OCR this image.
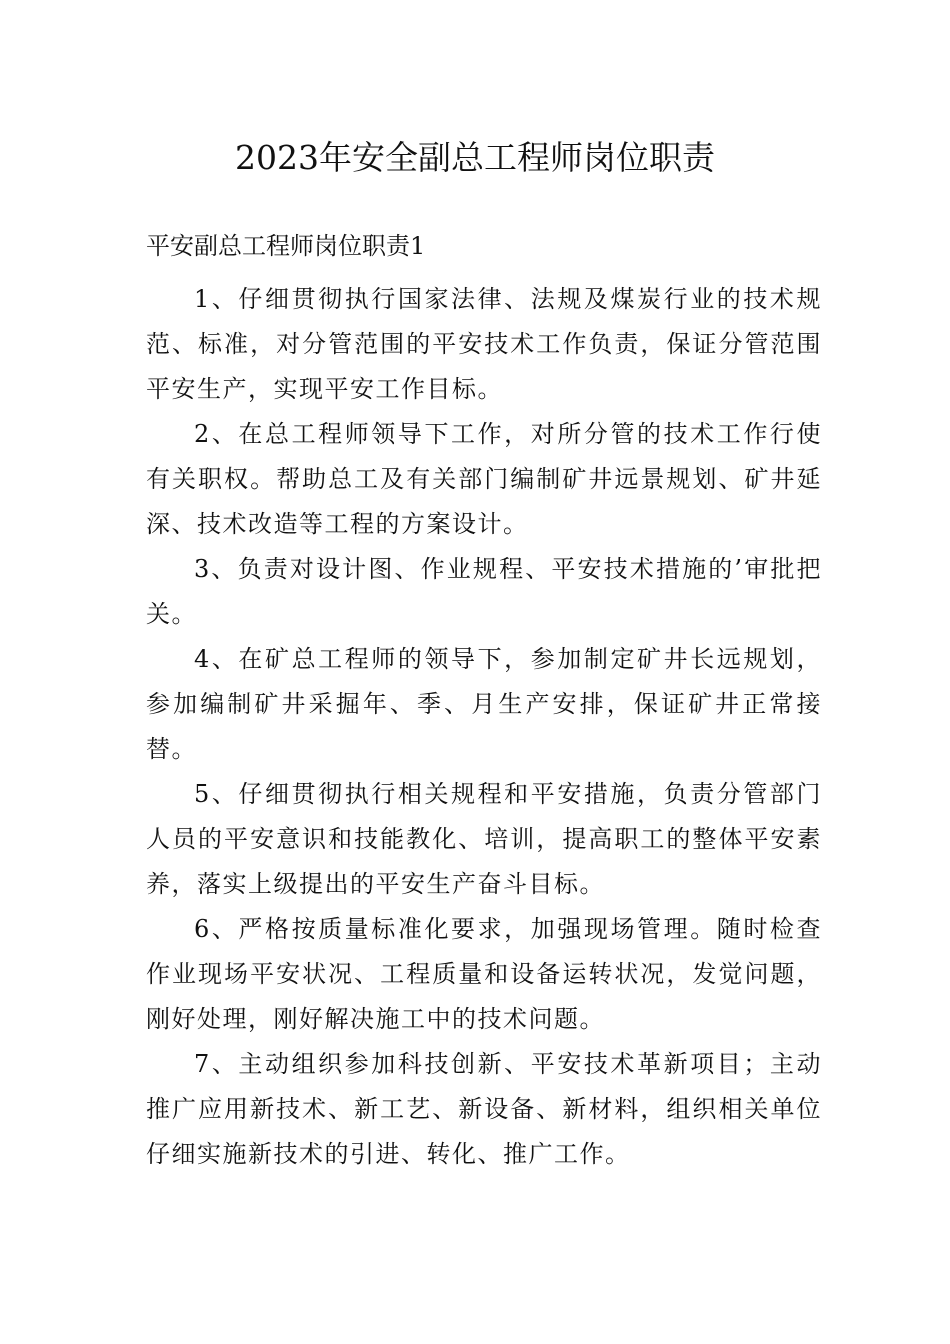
2023年安全副总工程师岗位职责
平安副总工程师岗位职责1

1、仔细贯彻执行国家法律、法规及煤炭行业的技术规范、标准，对分管范围的平安技术工作负责，保证分管范围平安生产，实现平安工作目标。

2、在总工程师领导下工作，对所分管的技术工作行使有关职权。帮助总工及有关部门编制矿井远景规划、矿井延深、技术改造等工程的方案设计。

3、负责对设计图、作业规程、平安技术措施的’审批把关。

4、在矿总工程师的领导下，参加制定矿井长远规划，参加编制矿井采掘年、季、月生产安排，保证矿井正常接替。

5、仔细贯彻执行相关规程和平安措施，负责分管部门人员的平安意识和技能教化、培训，提高职工的整体平安素养，落实上级提出的平安生产奋斗目标。

6、严格按质量标准化要求，加强现场管理。随时检查作业现场平安状况、工程质量和设备运转状况，发觉问题，刚好处理，刚好解决施工中的技术问题。

7、主动组织参加科技创新、平安技术革新项目；主动推广应用新技术、新工艺、新设备、新材料，组织相关单位仔细实施新技术的引进、转化、推广工作。
